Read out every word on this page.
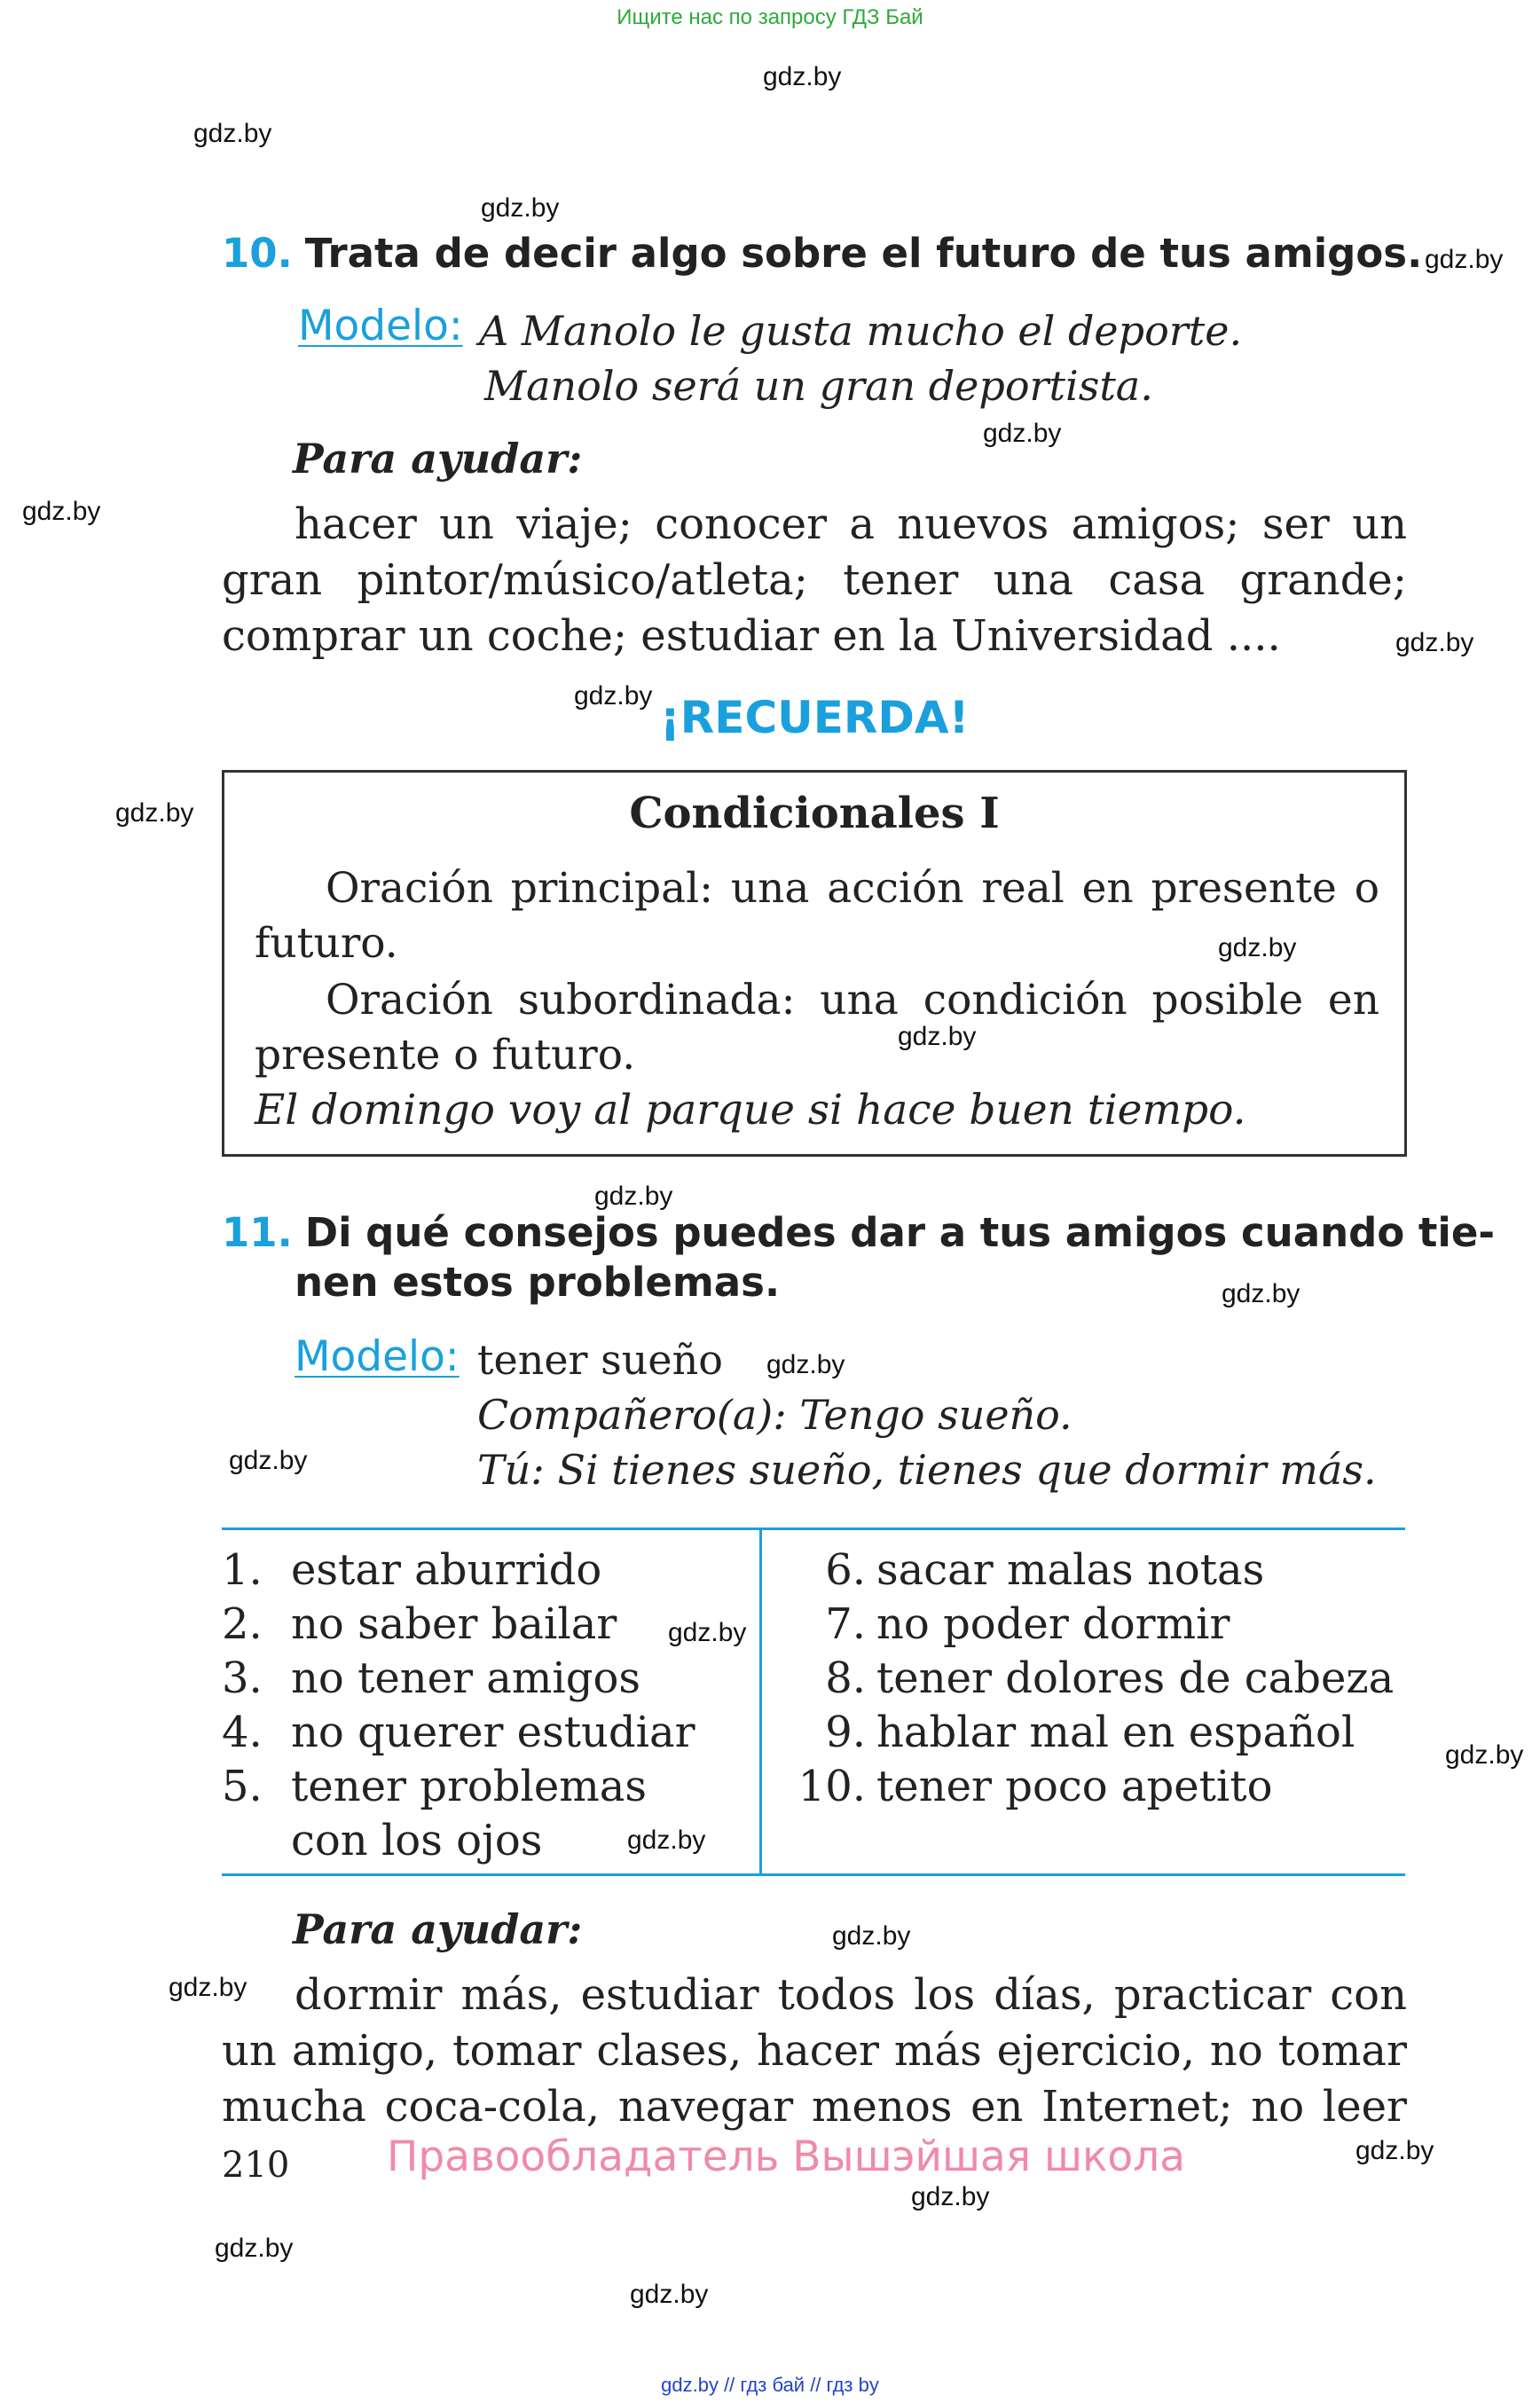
Ищите нас по запросу ГДЗ Бай
gdz.by
gdz.by
gdz.by
gdz.by
gdz.by
gdz.by
gdz.by
gdz.by
gdz.by
gdz.by
gdz.by
gdz.by
gdz.by
gdz.by
gdz.by
gdz.by
gdz.by
gdz.by
gdz.by
gdz.by
gdz.by
gdz.by
gdz.by
gdz.by
10. Trata de decir algo sobre el futuro de tus amigos.
Modelo: A Manolo le gusta mucho el deporte.
Manolo será un gran deportista.
Para ayudar:
hacer un viaje; conocer a nuevos amigos; ser un gran pintor/músico/atleta; tener una casa grande; comprar un coche; estudiar en la Universidad ....
¡RECUERDA!
Condicionales I
Oración principal: una acción real en presente o futuro.
Oración subordinada: una condición posible en presente o futuro.
El domingo voy al parque si hace buen tiempo.
11. Di qué consejos puedes dar a tus amigos cuando tie-
nen estos problemas.
Modelo: tener sueño
Compañero(a): Tengo sueño.
Tú: Si tienes sueño, tienes que dormir más.
1. estar aburrido
2. no saber bailar
3. no tener amigos
4. no querer estudiar
5. tener problemas
con los ojos
6. sacar malas notas
7. no poder dormir
8. tener dolores de cabeza
9. hablar mal en español
10. tener poco apetito
Para ayudar:
dormir más, estudiar todos los días, practicar con un amigo, tomar clases, hacer más ejercicio, no tomar mucha coca-cola, navegar menos en Internet; no leer
210 Правообладатель Вышэйшая школа
gdz.by // гдз бай // гдз by
